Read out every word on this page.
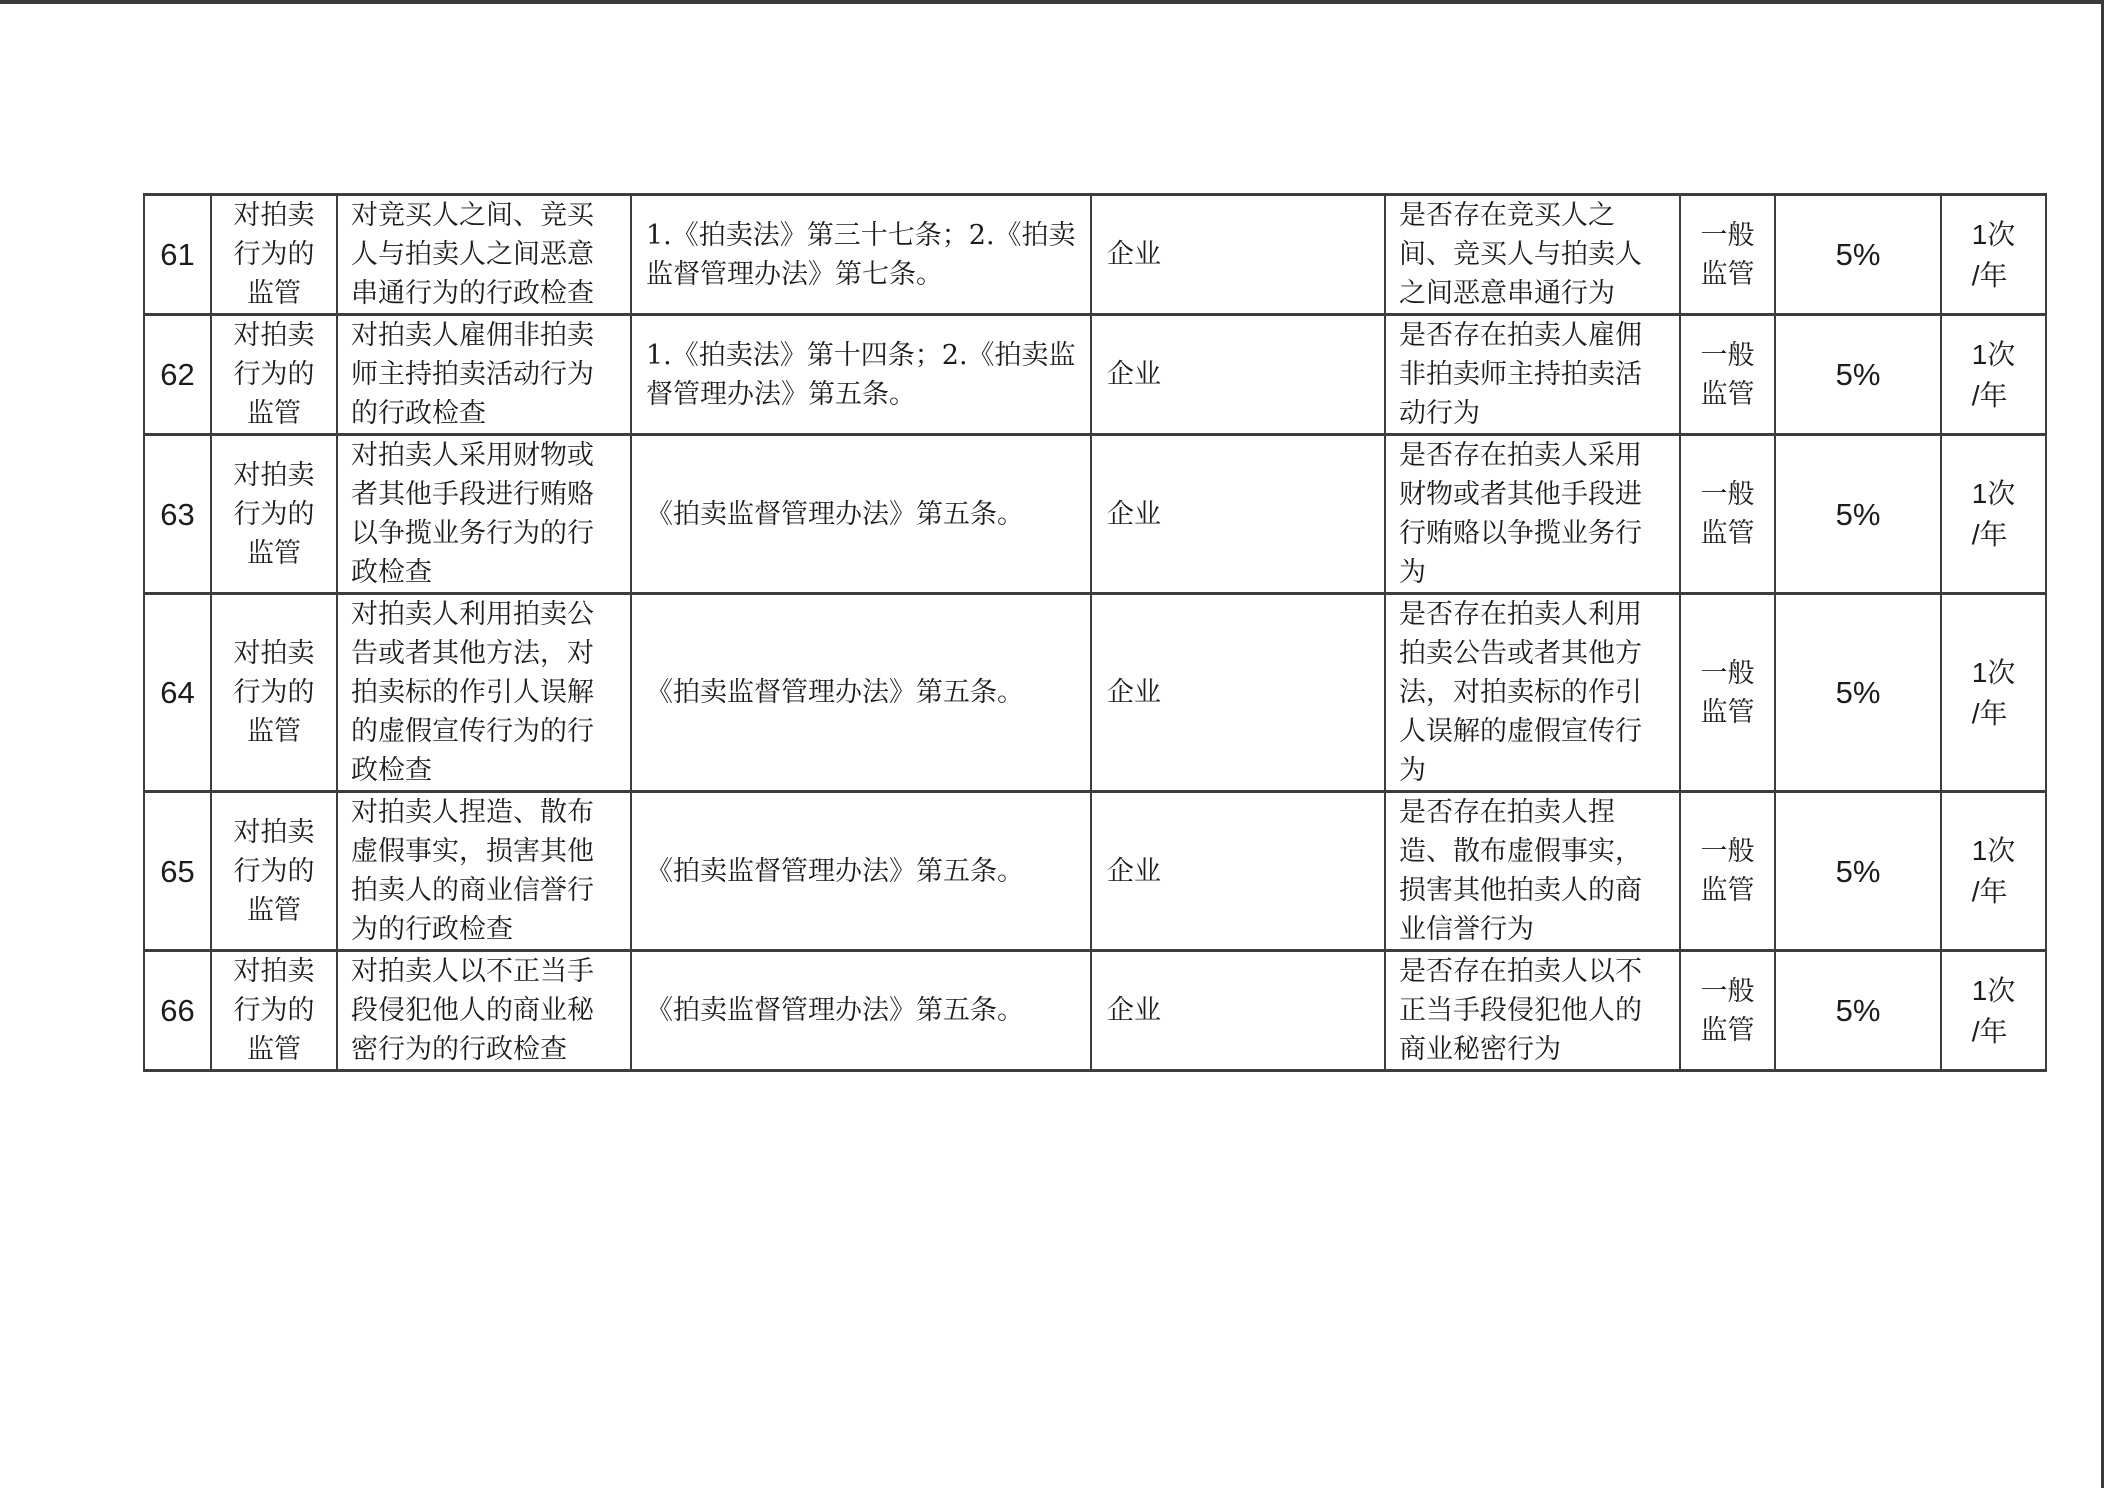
61	对拍卖行为的监管	对竞买人之间、竞买人与拍卖人之间恶意串通行为的行政检查	1.《拍卖法》第三十七条；2.《拍卖监督管理办法》第七条。	企业	是否存在竞买人之间、竞买人与拍卖人之间恶意串通行为	一般监管	5%	1次
/年

62	对拍卖行为的监管	对拍卖人雇佣非拍卖师主持拍卖活动行为的行政检查	1.《拍卖法》第十四条；2.《拍卖监督管理办法》第五条。	企业	是否存在拍卖人雇佣非拍卖师主持拍卖活动行为	一般监管	5%	1次
/年

63	对拍卖行为的监管	对拍卖人采用财物或者其他手段进行贿赂以争揽业务行为的行政检查	《拍卖监督管理办法》第五条。	企业	是否存在拍卖人采用财物或者其他手段进行贿赂以争揽业务行为	一般监管	5%	1次
/年

64	对拍卖行为的监管	对拍卖人利用拍卖公告或者其他方法，对拍卖标的作引人误解的虚假宣传行为的行政检查	《拍卖监督管理办法》第五条。	企业	是否存在拍卖人利用拍卖公告或者其他方法，对拍卖标的作引人误解的虚假宣传行为	一般监管	5%	1次
/年

65	对拍卖行为的监管	对拍卖人捏造、散布虚假事实，损害其他拍卖人的商业信誉行为的行政检查	《拍卖监督管理办法》第五条。	企业	是否存在拍卖人捏造、散布虚假事实，损害其他拍卖人的商业信誉行为	一般监管	5%	1次
/年

66	对拍卖行为的监管	对拍卖人以不正当手段侵犯他人的商业秘密行为的行政检查	《拍卖监督管理办法》第五条。	企业	是否存在拍卖人以不正当手段侵犯他人的商业秘密行为	一般监管	5%	1次
/年
